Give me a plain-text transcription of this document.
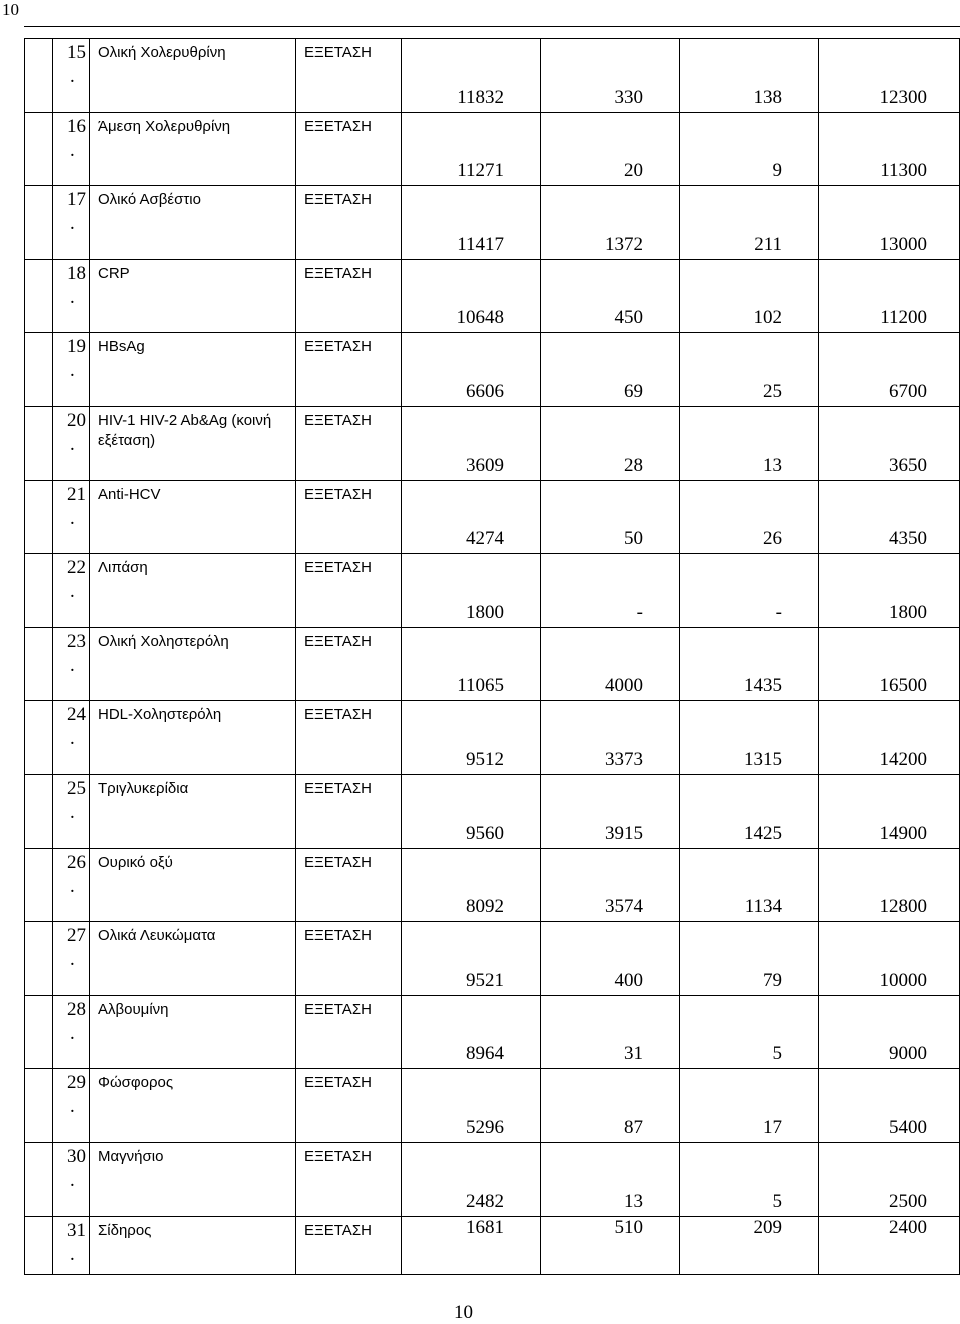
10
	15
.	Ολική Χολερυθρίνη	ΕΞΕΤΑΣΗ	11832	330	138	12300
	16
.	Άμεση Χολερυθρίνη	ΕΞΕΤΑΣΗ	11271	20	9	11300
	17
.	Ολικό Ασβέστιο	ΕΞΕΤΑΣΗ	11417	1372	211	13000
	18
.	CRP	ΕΞΕΤΑΣΗ	10648	450	102	11200
	19
.	HBsAg	ΕΞΕΤΑΣΗ	6606	69	25	6700
	20
.	HIV-1 HIV-2 Ab&Ag (κοινή εξέταση)	ΕΞΕΤΑΣΗ	3609	28	13	3650
	21
.	Anti-HCV	ΕΞΕΤΑΣΗ	4274	50	26	4350
	22
.	Λιπάση	ΕΞΕΤΑΣΗ	1800	-	-	1800
	23
.	Ολική Χοληστερόλη	ΕΞΕΤΑΣΗ	11065	4000	1435	16500
	24
.	HDL-Χοληστερόλη	ΕΞΕΤΑΣΗ	9512	3373	1315	14200
	25
.	Τριγλυκερίδια	ΕΞΕΤΑΣΗ	9560	3915	1425	14900
	26
.	Ουρικό οξύ	ΕΞΕΤΑΣΗ	8092	3574	1134	12800
	27
.	Ολικά Λευκώματα	ΕΞΕΤΑΣΗ	9521	400	79	10000
	28
.	Αλβουμίνη	ΕΞΕΤΑΣΗ	8964	31	5	9000
	29
.	Φώσφορος	ΕΞΕΤΑΣΗ	5296	87	17	5400
	30
.	Μαγνήσιο	ΕΞΕΤΑΣΗ	2482	13	5	2500
	31
.	Σίδηρος	ΕΞΕΤΑΣΗ	1681	510	209	2400
10
